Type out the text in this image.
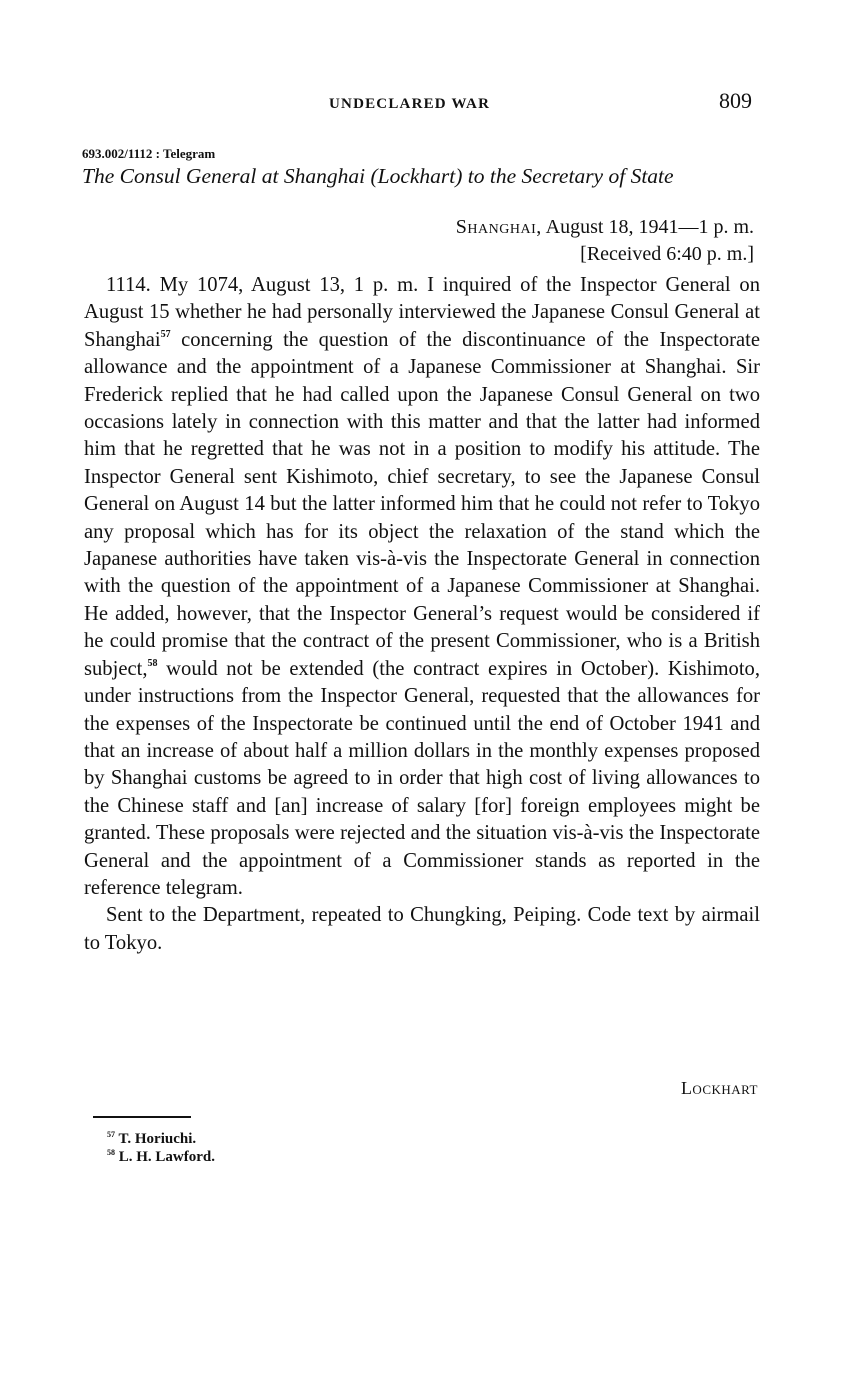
UNDECLARED WAR	809
693.002/1112 : Telegram
The Consul General at Shanghai (Lockhart) to the Secretary of State
Shanghai, August 18, 1941—1 p. m.
[Received 6:40 p. m.]

1114. My 1074, August 13, 1 p. m. I inquired of the Inspector General on August 15 whether he had personally interviewed the Japanese Consul General at Shanghai$^{57}$ concerning the question of the discontinuance of the Inspectorate allowance and the appointment of a Japanese Commissioner at Shanghai. Sir Frederick replied that he had called upon the Japanese Consul General on two occasions lately in connection with this matter and that the latter had informed him that he regretted that he was not in a position to modify his attitude. The Inspector General sent Kishimoto, chief secretary, to see the Japanese Consul General on August 14 but the latter informed him that he could not refer to Tokyo any proposal which has for its object the relaxation of the stand which the Japanese authorities have taken vis-à-vis the Inspectorate General in connection with the question of the appointment of a Japanese Commissioner at Shanghai. He added, however, that the Inspector General’s request would be considered if he could promise that the contract of the present Commissioner, who is a British subject,$^{58}$ would not be extended (the contract expires in October). Kishimoto, under instructions from the Inspector General, requested that the allowances for the expenses of the Inspectorate be continued until the end of October 1941 and that an increase of about half a million dollars in the monthly expenses proposed by Shanghai customs be agreed to in order that high cost of living allowances to the Chinese staff and [an] increase of salary [for] foreign employees might be granted. These proposals were rejected and the situation vis-à-vis the Inspectorate General and the appointment of a Commissioner stands as reported in the reference telegram.

Sent to the Department, repeated to Chungking, Peiping. Code text by airmail to Tokyo.

Lockhart
$^{57}$ T. Horiuchi.
$^{58}$ L. H. Lawford.
